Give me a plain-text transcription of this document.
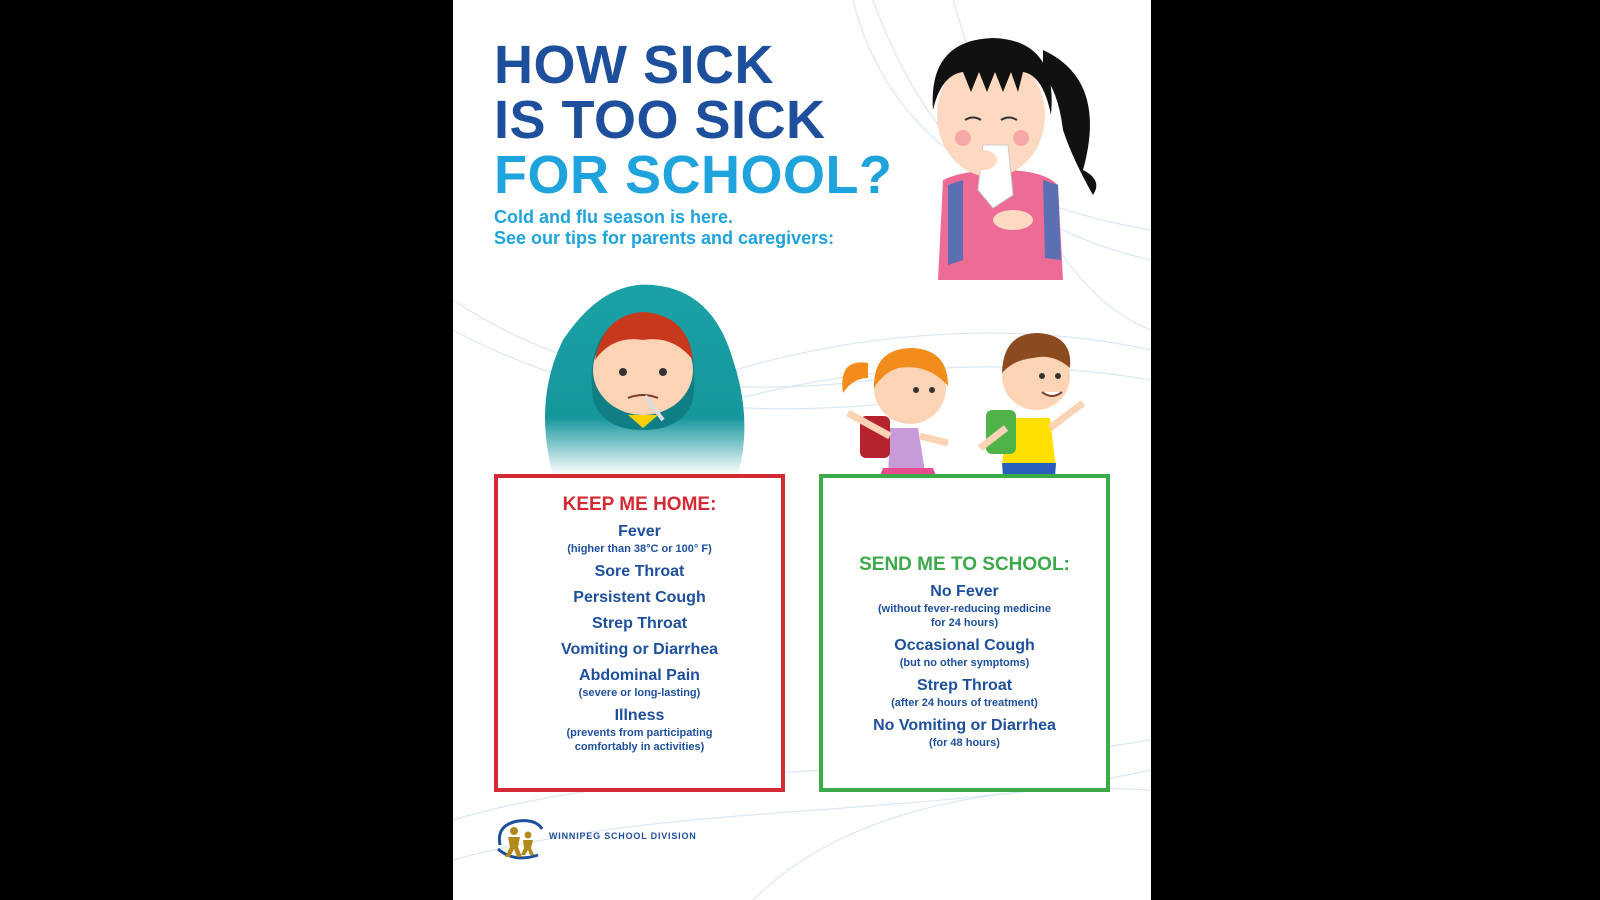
HOW SICK
IS TOO SICK
FOR SCHOOL?
Cold and flu season is here.
See our tips for parents and caregivers:

KEEP ME HOME:

Fever
(higher than 38°C or 100° F)
Sore Throat
Persistent Cough
Strep Throat
Vomiting or Diarrhea
Abdominal Pain
(severe or long-lasting)
Illness
(prevents from participating
comfortably in activities)

SEND ME TO SCHOOL:

No Fever
(without fever-reducing medicine
for 24 hours)
Occasional Cough
(but no other symptoms)
Strep Throat
(after 24 hours of treatment)
No Vomiting or Diarrhea
(for 48 hours)
WINNIPEG SCHOOL DIVISION
